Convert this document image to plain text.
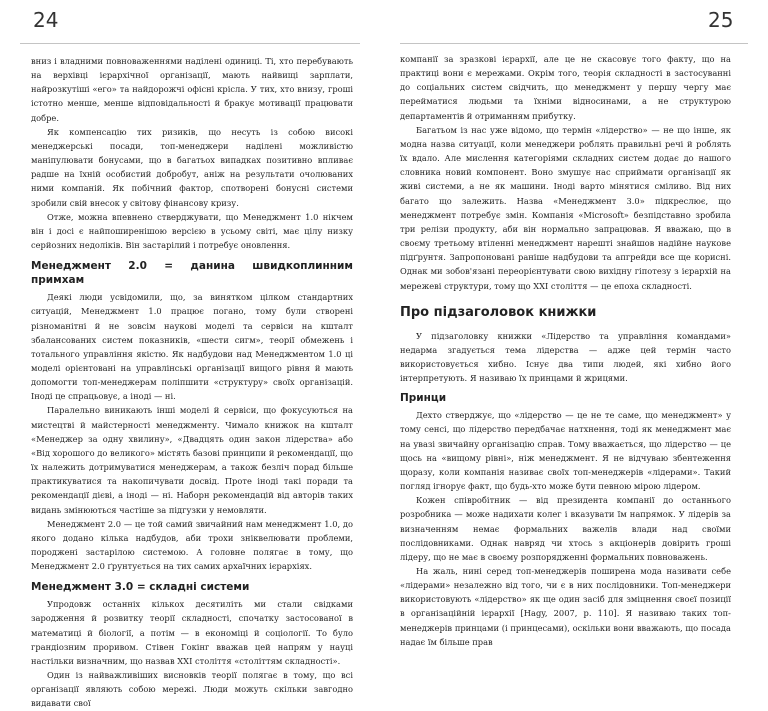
24	25

вниз і владними повноваженнями наділені одиниці. Ті, хто перебувають на верхівці ієрархічної організації, мають найвищі зарплати, найрозкутіші «его» та найдорожчі офісні крісла. У тих, хто внизу, гроші істотно менше, менше відповідальності й бракує мотивації працювати добре.

Як компенсацію тих ризиків, що несуть із собою високі менеджерські посади, топ-менеджери наділені можливістю маніпулювати бонусами, що в багатьох випадках позитивно впливає радше на їхній особистий добробут, аніж на результати очолюваних ними компаній. Як побічний фактор, спотворені бонусні системи зробили свій внесок у світову фінансову кризу.

Отже, можна впевнено стверджувати, що Менеджмент 1.0 нікчем він і досі є найпоширенішою версією в усьому світі, має цілу низку серйозних недоліків. Він застарілий і потребує оновлення.

Менеджмент 2.0 = данина швидкоплинним примхам

Деякі люди усвідомили, що, за винятком цілком стандартних ситуацій, Менеджмент 1.0 працює погано, тому були створені різноманітні й не зовсім наукові моделі та сервіси на кшталт збалансованих систем показників, «шести сигм», теорії обмежень і тотального управління якістю. Як надбудови над Менеджментом 1.0 ці моделі орієнтовані на управлінські організації вищого рівня й мають допомогти топ-менеджерам поліпшити «структуру» своїх організацій. Іноді це спрацьовує, а іноді — ні.

Паралельно виникають інші моделі й сервіси, що фокусуються на мистецтві й майстерності менеджменту. Чимало книжок на кшталт «Менеджер за одну хвилину», «Двадцять один закон лідерства» або «Від хорошого до великого» містять базові принципи й рекомендації, що їх належить дотримуватися менеджерам, а також безліч порад більше практикуватися та накопичувати досвід. Проте іноді такі поради та рекомендації дієві, а іноді — ні. Наборн рекомендацій від авторів таких видань змінюються частіше за підгузки у немовляти.

Менеджмент 2.0 — це той самий звичайний нам менеджмент 1.0, до якого додано кілька надбудов, аби трохи зніквелювати проблеми, породжені застарілою системою. А головне полягає в тому, що Менеджмент 2.0 ґрунтується на тих самих архаїчних ієрархіях.

Менеджмент 3.0 = складні системи

Упродовж останніх кількох десятиліть ми стали свідками зародження й розвитку теорії складності, спочатку застосованої в математиці й біології, а потім — в економіці й соціології. То було грандіозним проривом. Стівен Гокінг вважав цей напрям у науці настільки визначним, що назвав XXI століття «століттям складності».

Один із найважливіших висновків теорії полягає в тому, що всі організації являють собою мережі. Люди можуть скільки завгодно видавати свої

компанії за зразкові ієрархії, але це не скасовує того факту, що на практиці вони є мережами. Окрім того, теорія складності в застосуванні до соціальних систем свідчить, що менеджмент у першу чергу має перейматися людьми та їхніми відносинами, а не структурою департаментів й отриманням прибутку.

Багатьом із нас уже відомо, що термін «лідерство» — не що інше, як модна назва ситуації, коли менеджери роблять правильні речі й роблять їх вдало. Але мислення категоріями складних систем додає до нашого словника новий компонент. Воно змушує нас сприймати організації як живі системи, а не як машини. Іноді варто мінятися сміливо. Від них багато що залежить. Назва «Менеджмент 3.0» підкреслює, що менеджмент потребує змін. Компанія «Microsoft» безпідставно зробила три релізи продукту, аби він нормально запрацював. Я вважаю, що в своєму третьому втіленні менеджмент нарешті знайшов надійне наукове підґрунтя. Запропоновані раніше надбудови та апгрейди все ще корисні. Однак ми зобов'язані переорієнтувати свою вихідну гіпотезу з ієрархій на мережеві структури, тому що XXI століття — це епоха складності.

Про підзаголовок книжки

У підзаголовку книжки «Лідерство та управління командами» недарма згадується тема лідерства — адже цей термін часто використовується хибно. Існує два типи людей, які хибно його інтерпретують. Я називаю їх принцами й жрицями.

Принци

Дехто стверджує, що «лідерство — це не те саме, що менеджмент» у тому сенсі, що лідерство передбачає натхнення, тоді як менеджмент має на увазі звичайну організацію справ. Тому вважається, що лідерство — це щось на «вищому рівні», ніж менеджмент. Я не відчуваю збентеження щоразу, коли компанія називає своїх топ-менеджерів «лідерами». Такий погляд ігнорує факт, що будь-хто може бути певною мірою лідером.

Кожен співробітник — від президента компанії до останнього розробника — може надихати колег і вказувати їм напрямок. У лідерів за визначенням немає формальних важелів влади над своїми послідовниками. Однак навряд чи хтось з акціонерів довірить гроші лідеру, що не має в своєму розпорядженні формальних повноважень.

На жаль, нині серед топ-менеджерів поширена мода називати себе «лідерами» незалежно від того, чи є в них послідовники. Топ-менеджери використовують «лідерство» як ще один засіб для зміцнення своєї позиції в організаційній ієрархії [Hagy, 2007, p. 110]. Я називаю таких топ-менеджерів принцами (і принцесами), оскільки вони вважають, що посада надає їм більше прав
